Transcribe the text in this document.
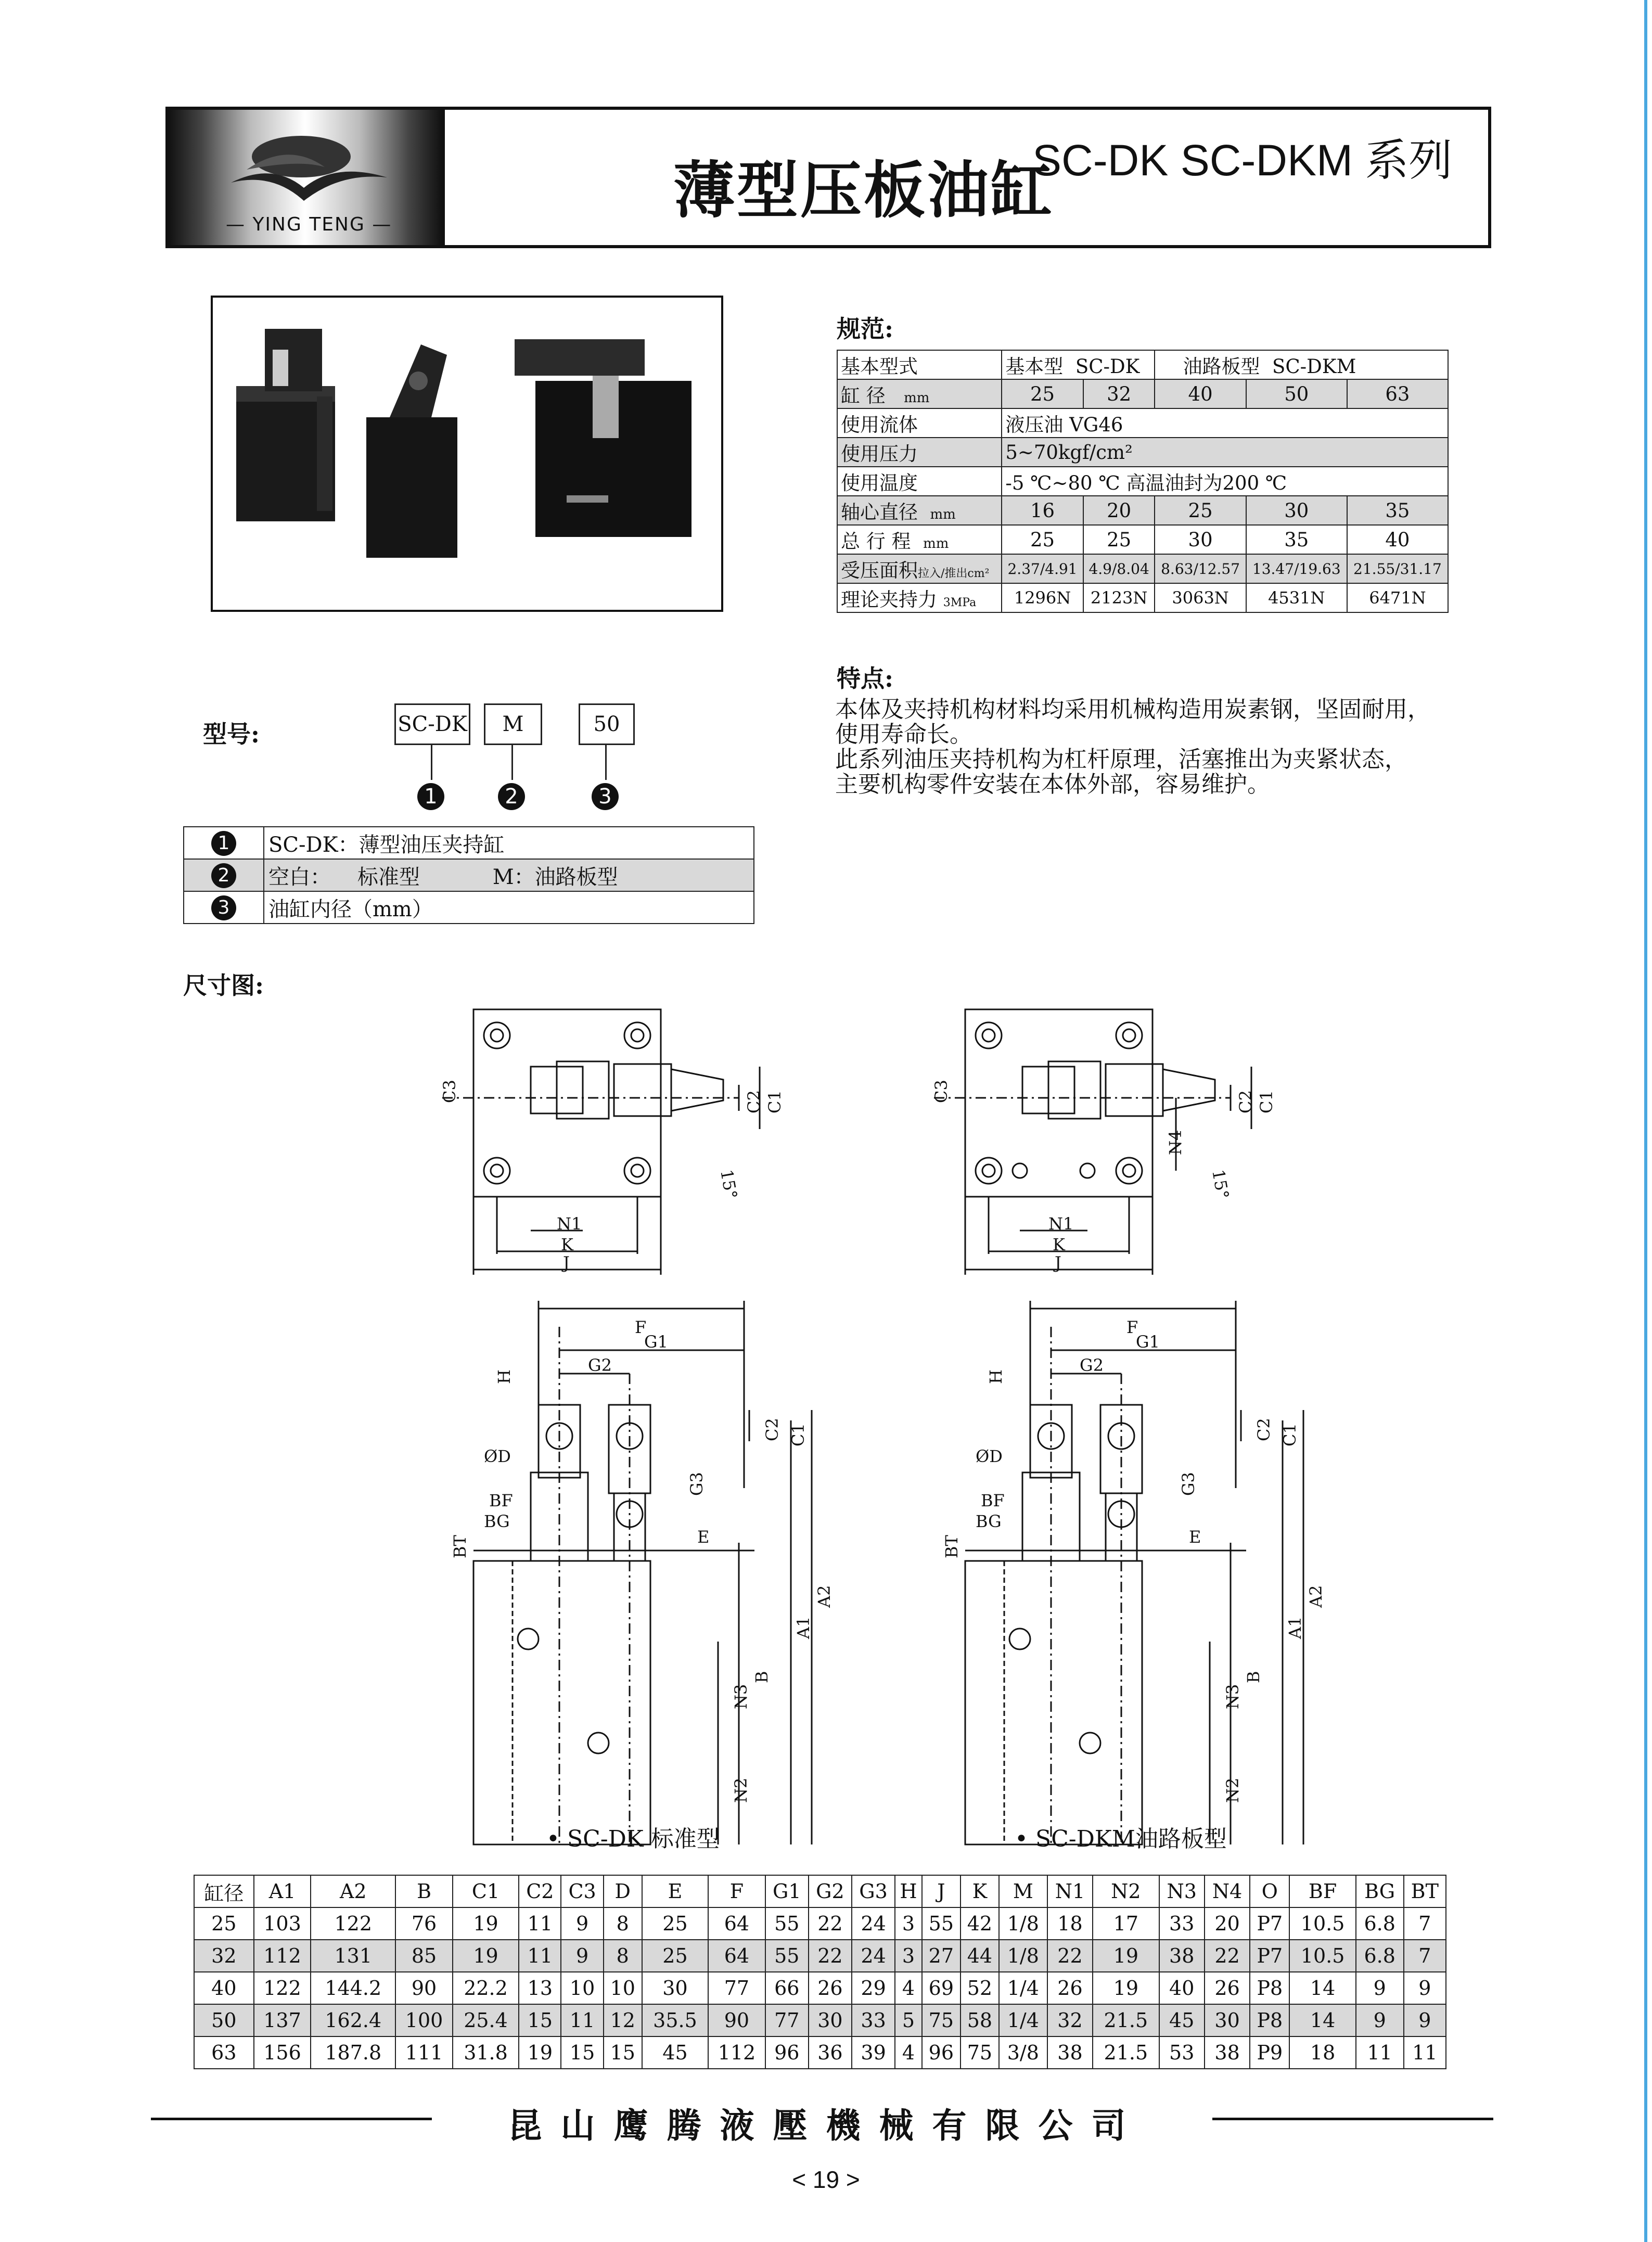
— YING TENG —	薄型压板油缸
SC-DK SC-DKM 系列
规范:
基本型式	基本型 SC-DK		油路板型 SC-DKM		
缸 径 mm	25	32	40	50	63
使用流体	液压油 VG46				
使用压力	5~70kgf/cm²				
使用温度	-5 ℃~80 ℃ 高温油封为200 ℃				
轴心直径 mm	16	20	25	30	35
总 行 程 mm	25	25	30	35	40
受压面积拉入/推出cm²	2.37/4.91	4.9/8.04	8.63/12.57	13.47/19.63	21.55/31.17
理论夹持力 3MPa	1296N	2123N	3063N	4531N	6471N
特点:
本体及夹持机构材料均采用机械构造用炭素钢，坚固耐用，
使用寿命长。
此系列油压夹持机构为杠杆原理，活塞推出为夹紧状态，
主要机构零件安装在本体外部，容易维护。
型号:	SC-DK	M	50
1	2	3
1	SC-DK：薄型油压夹持缸
2	空白：    标准型           M：油路板型
3	油缸内径（mm）
尺寸图:
C3	C2 C1
15°
N1
K
J
C3	C2 C1
N4
15°
N1
K
J
F
G1
G2
H
ØD
BF
BG
BT
G3
E
C2 C1
A1
A2
B
N3
N2
F
G1
G2
H
ØD
BF
BG
BT
G3
E
C2 C1
A1
A2
B
N3
N2
• SC-DK 标准型	• SC-DKM油路板型
缸径	A1	A2	B	C1	C2	C3	D	E	F	G1	G2	G3	H	J	K	M	N1	N2	N3	N4	O	BF	BG	BT
25	103	122	76	19	11	9	8	25	64	55	22	24	3	55	42	1/8	18	17	33	20	P7	10.5	6.8	7
32	112	131	85	19	11	9	8	25	64	55	22	24	3	27	44	1/8	22	19	38	22	P7	10.5	6.8	7
40	122	144.2	90	22.2	13	10	10	30	77	66	26	29	4	69	52	1/4	26	19	40	26	P8	14	9	9
50	137	162.4	100	25.4	15	11	12	35.5	90	77	30	33	5	75	58	1/4	32	21.5	45	30	P8	14	9	9
63	156	187.8	111	31.8	19	15	15	45	112	96	36	39	4	96	75	3/8	38	21.5	53	38	P9	18	11	11
昆山鹰腾液壓機械有限公司
< 19 >
